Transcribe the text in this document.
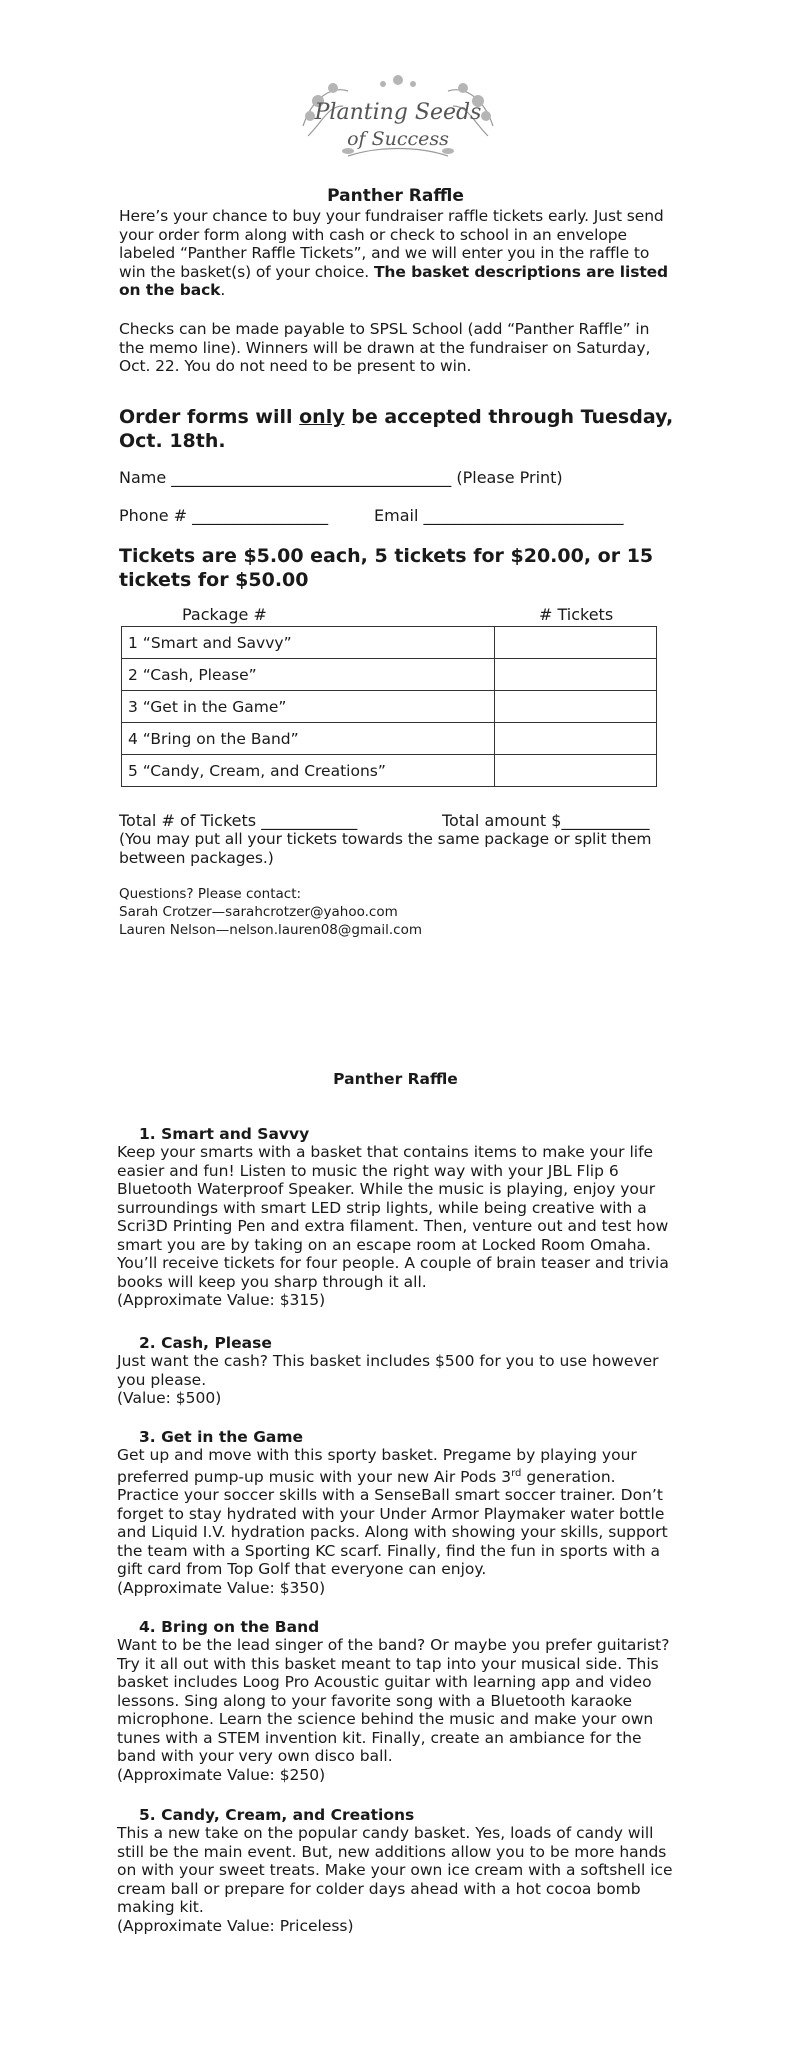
Planting Seeds
of Success
Panther Raffle
Here’s your chance to buy your fundraiser raffle tickets early. Just send your order form along with cash or check to school in an envelope labeled “Panther Raffle Tickets”, and we will enter you in the raffle to win the basket(s) of your choice. The basket descriptions are listed on the back.
Checks can be made payable to SPSL School (add “Panther Raffle” in the memo line). Winners will be drawn at the fundraiser on Saturday, Oct. 22. You do not need to be present to win.
Order forms will only be accepted through Tuesday, Oct. 18th.
Name ___________________________________ (Please Print)
Phone # _________________	Email _________________________
Tickets are $5.00 each, 5 tickets for $20.00, or 15 tickets for $50.00
Package #	# Tickets
1 “Smart and Savvy”	
2 “Cash, Please”	
3 “Get in the Game”	
4 “Bring on the Band”	
5 “Candy, Cream, and Creations”	
Total # of Tickets ____________	Total amount $___________
(You may put all your tickets towards the same package or split them between packages.)
Questions? Please contact:
Sarah Crotzer—sarahcrotzer@yahoo.com
Lauren Nelson—nelson.lauren08@gmail.com
Panther Raffle
1. Smart and Savvy
Keep your smarts with a basket that contains items to make your life easier and fun! Listen to music the right way with your JBL Flip 6 Bluetooth Waterproof Speaker. While the music is playing, enjoy your surroundings with smart LED strip lights, while being creative with a Scri3D Printing Pen and extra filament. Then, venture out and test how smart you are by taking on an escape room at Locked Room Omaha. You’ll receive tickets for four people. A couple of brain teaser and trivia books will keep you sharp through it all.
(Approximate Value: $315)
2. Cash, Please
Just want the cash? This basket includes $500 for you to use however you please.
(Value: $500)
3. Get in the Game
Get up and move with this sporty basket. Pregame by playing your preferred pump-up music with your new Air Pods 3rd generation. Practice your soccer skills with a SenseBall smart soccer trainer. Don’t forget to stay hydrated with your Under Armor Playmaker water bottle and Liquid I.V. hydration packs. Along with showing your skills, support the team with a Sporting KC scarf. Finally, find the fun in sports with a gift card from Top Golf that everyone can enjoy.
(Approximate Value: $350)
4. Bring on the Band
Want to be the lead singer of the band? Or maybe you prefer guitarist? Try it all out with this basket meant to tap into your musical side. This basket includes Loog Pro Acoustic guitar with learning app and video lessons. Sing along to your favorite song with a Bluetooth karaoke microphone. Learn the science behind the music and make your own tunes with a STEM invention kit. Finally, create an ambiance for the band with your very own disco ball.
(Approximate Value: $250)
5. Candy, Cream, and Creations
This a new take on the popular candy basket. Yes, loads of candy will still be the main event. But, new additions allow you to be more hands on with your sweet treats. Make your own ice cream with a softshell ice cream ball or prepare for colder days ahead with a hot cocoa bomb making kit.
(Approximate Value: Priceless)
